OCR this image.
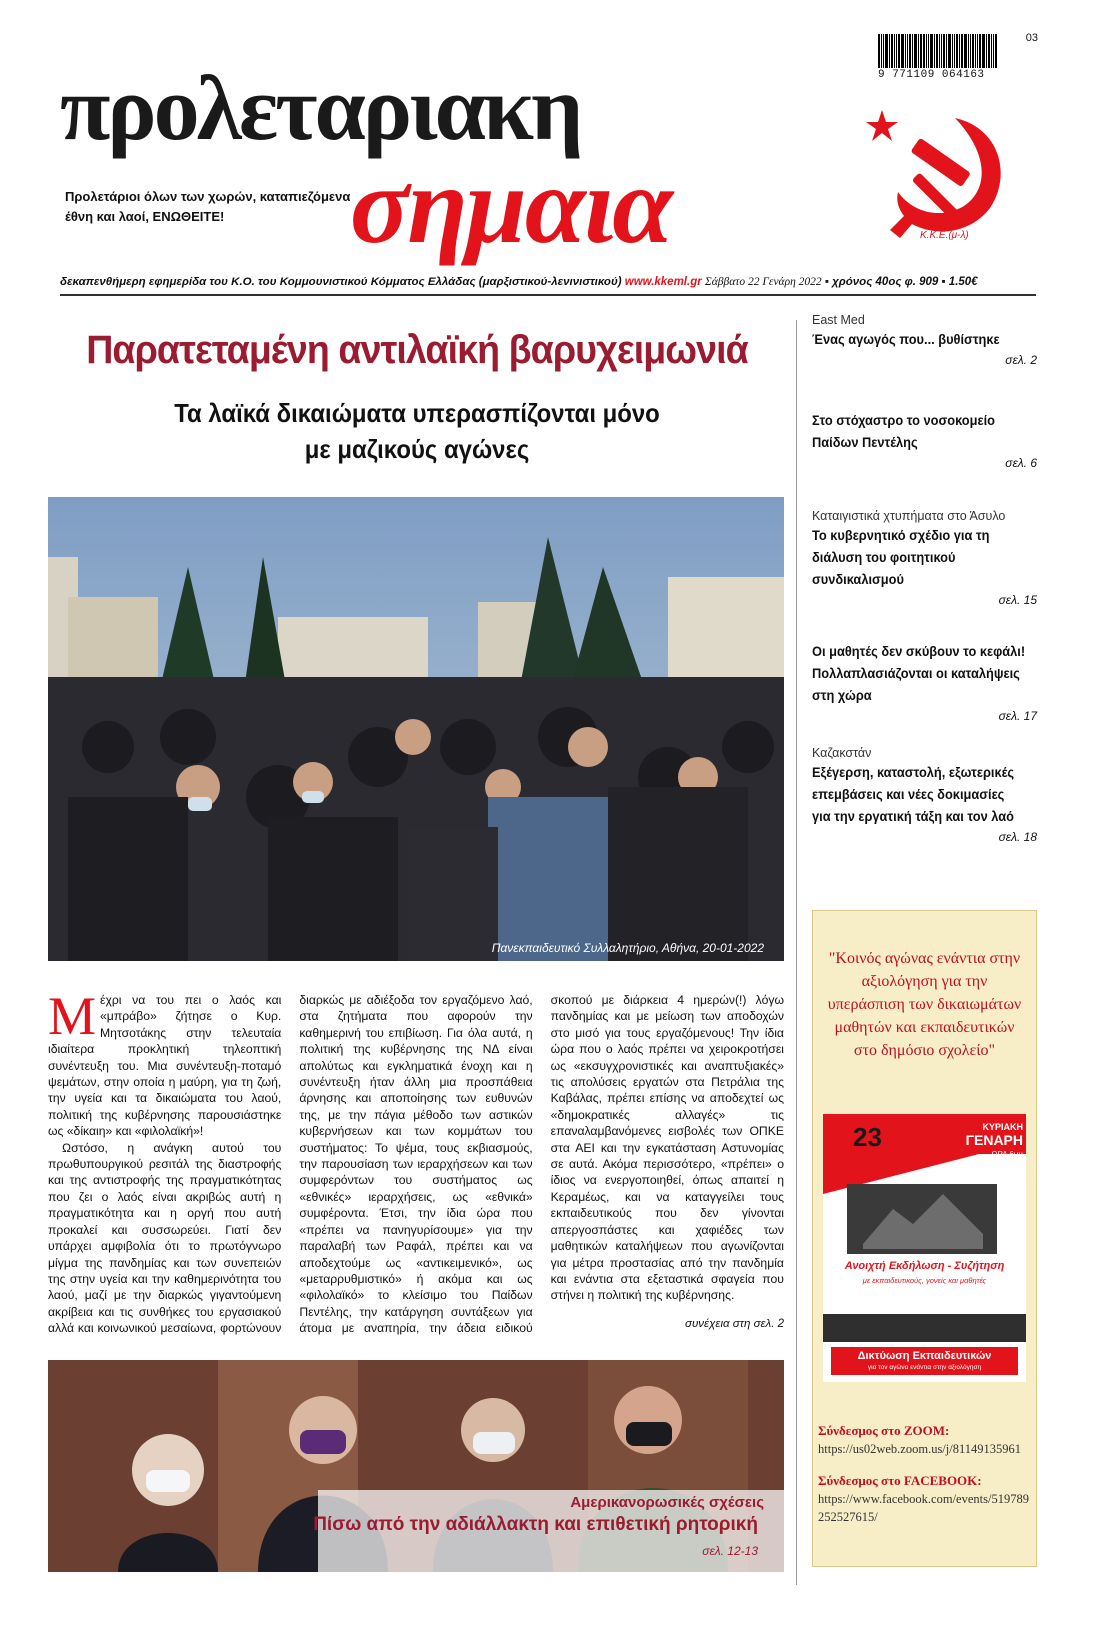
προλεταριακη
σημαια
Προλετάριοι όλων των χωρών, καταπιεζόμενα έθνη και λαοί, ΕΝΩΘΕΙΤΕ!
9 771109 064163
03
Κ.Κ.Ε.(μ-λ)
δεκαπενθήμερη εφημερίδα του Κ.Ο. του Κομμουνιστικού Κόμματος Ελλάδας (μαρξιστικού-λενινιστικού) www.kkeml.gr Σάββατο 22 Γενάρη 2022 ▪ χρόνος 40ος φ. 909 ▪ 1.50€
Παρατεταμένη αντιλαϊκή βαρυχειμωνιά
Τα λαϊκά δικαιώματα υπερασπίζονται μόνο
με μαζικούς αγώνες
Πανεκπαιδευτικό Συλλαλητήριο, Αθήνα, 20-01-2022

Μέχρι να του πει ο λαός και «μπράβο» ζήτησε ο Κυρ. Μητσοτάκης στην τελευταία ιδιαίτερα προκλητική τηλεοπτική συνέντευξη του. Μια συνέντευξη-ποταμό ψεμάτων, στην οποία η μαύρη, για τη ζωή, την υγεία και τα δικαιώματα του λαού, πολιτική της κυβέρνησης παρουσιάστηκε ως «δίκαιη» και «φιλολαϊκή»!

Ωστόσο, η ανάγκη αυτού του πρωθυπουργικού ρεσιτάλ της διαστροφής και της αντιστροφής της πραγματικότητας που ζει ο λαός είναι ακριβώς αυτή η πραγματικότητα και η οργή που αυτή προκαλεί και συσσωρεύει. Γιατί δεν υπάρχει αμφιβολία ότι το πρωτόγνωρο μίγμα της πανδημίας και των συνεπειών της στην υγεία και την καθημερινότητα του λαού, μαζί με την διαρκώς γιγαντούμενη ακρίβεια και τις συνθήκες του εργασιακού αλλά και κοινωνικού μεσαίωνα, φορτώνουν διαρκώς με αδιέξοδα τον εργαζόμενο λαό, στα ζητήματα που αφορούν την καθημερινή του επιβίωση. Για όλα αυτά, η πολιτική της κυβέρνησης της ΝΔ είναι απολύτως και εγκληματικά ένοχη και η συνέντευξη ήταν άλλη μια προσπάθεια άρνησης και αποποίησης των ευθυνών της, με την πάγια μέθοδο των αστικών κυβερνήσεων και των κομμάτων του συστήματος: Το ψέμα, τους εκβιασμούς, την παρουσίαση των ιεραρχήσεων και των συμφερόντων του συστήματος ως «εθνικές» ιεραρχήσεις, ως «εθνικά» συμφέροντα. Έτσι, την ίδια ώρα που «πρέπει να πανηγυρίσουμε» για την παραλαβή των Ραφάλ, πρέπει και να αποδεχτούμε ως «αντικειμενικό», ως «μεταρρυθμιστικό» ή ακόμα και ως «φιλολαϊκό» το κλείσιμο του Παίδων Πεντέλης, την κατάργηση συντάξεων για άτομα με αναπηρία, την άδεια ειδικού σκοπού με διάρκεια 4 ημερών(!) λόγω πανδημίας και με μείωση των αποδοχών στο μισό για τους εργαζόμενους! Την ίδια ώρα που ο λαός πρέπει να χειροκροτήσει ως «εκσυγχρονιστικές και αναπτυξιακές» τις απολύσεις εργατών στα Πετράλια της Καβάλας, πρέπει επίσης να αποδεχτεί ως «δημοκρατικές αλλαγές» τις επαναλαμβανόμενες εισβολές των ΟΠΚΕ στα ΑΕΙ και την εγκατάσταση Αστυνομίας σε αυτά. Ακόμα περισσότερο, «πρέπει» ο ίδιος να ενεργοποιηθεί, όπως απαιτεί η Κεραμέως, και να καταγγείλει τους εκπαιδευτικούς που δεν γίνονται απεργοσπάστες και χαφιέδες των μαθητικών καταλήψεων που αγωνίζονται για μέτρα προστασίας από την πανδημία και ενάντια στα εξεταστικά σφαγεία που στήνει η πολιτική της κυβέρνησης.

συνέχεια στη σελ. 2
Αμερικανορωσικές σχέσεις
Πίσω από την αδιάλλακτη και επιθετική ρητορική
σελ. 12-13
East Med
Ένας αγωγός που... βυθίστηκε
σελ. 2
Στο στόχαστρο το νοσοκομείο Παίδων Πεντέλης
σελ. 6
Καταιγιστικά χτυπήματα στο Άσυλο
Το κυβερνητικό σχέδιο για τη διάλυση του φοιτητικού συνδικαλισμού
σελ. 15
Οι μαθητές δεν σκύβουν το κεφάλι! Πολλαπλασιάζονται οι καταλήψεις στη χώρα
σελ. 17
Καζακστάν
Εξέγερση, καταστολή, εξωτερικές επεμβάσεις και νέες δοκιμασίες για την εργατική τάξη και τον λαό
σελ. 18
"Κοινός αγώνας ενάντια στην αξιολόγηση για την υπεράσπιση των δικαιωμάτων μαθητών και εκπαιδευτικών στο δημόσιο σχολείο"
ΚΥΡΙΑΚΗ
23	ΓΕΝΑΡΗ
ΩΡΑ 6μμ
Ανοιχτή Εκδήλωση - Συζήτηση
με εκπαιδευτικούς, γονείς και μαθητές
Δικτύωση Εκπαιδευτικών
για τον αγώνα ενάντια στην αξιολόγηση
Σύνδεσμος στο ΖΟΟΜ:
https://us02web.zoom.us/j/81149135961
Σύνδεσμος στο FACEBOOK:
https://www.facebook.com/events/519789252527615/
